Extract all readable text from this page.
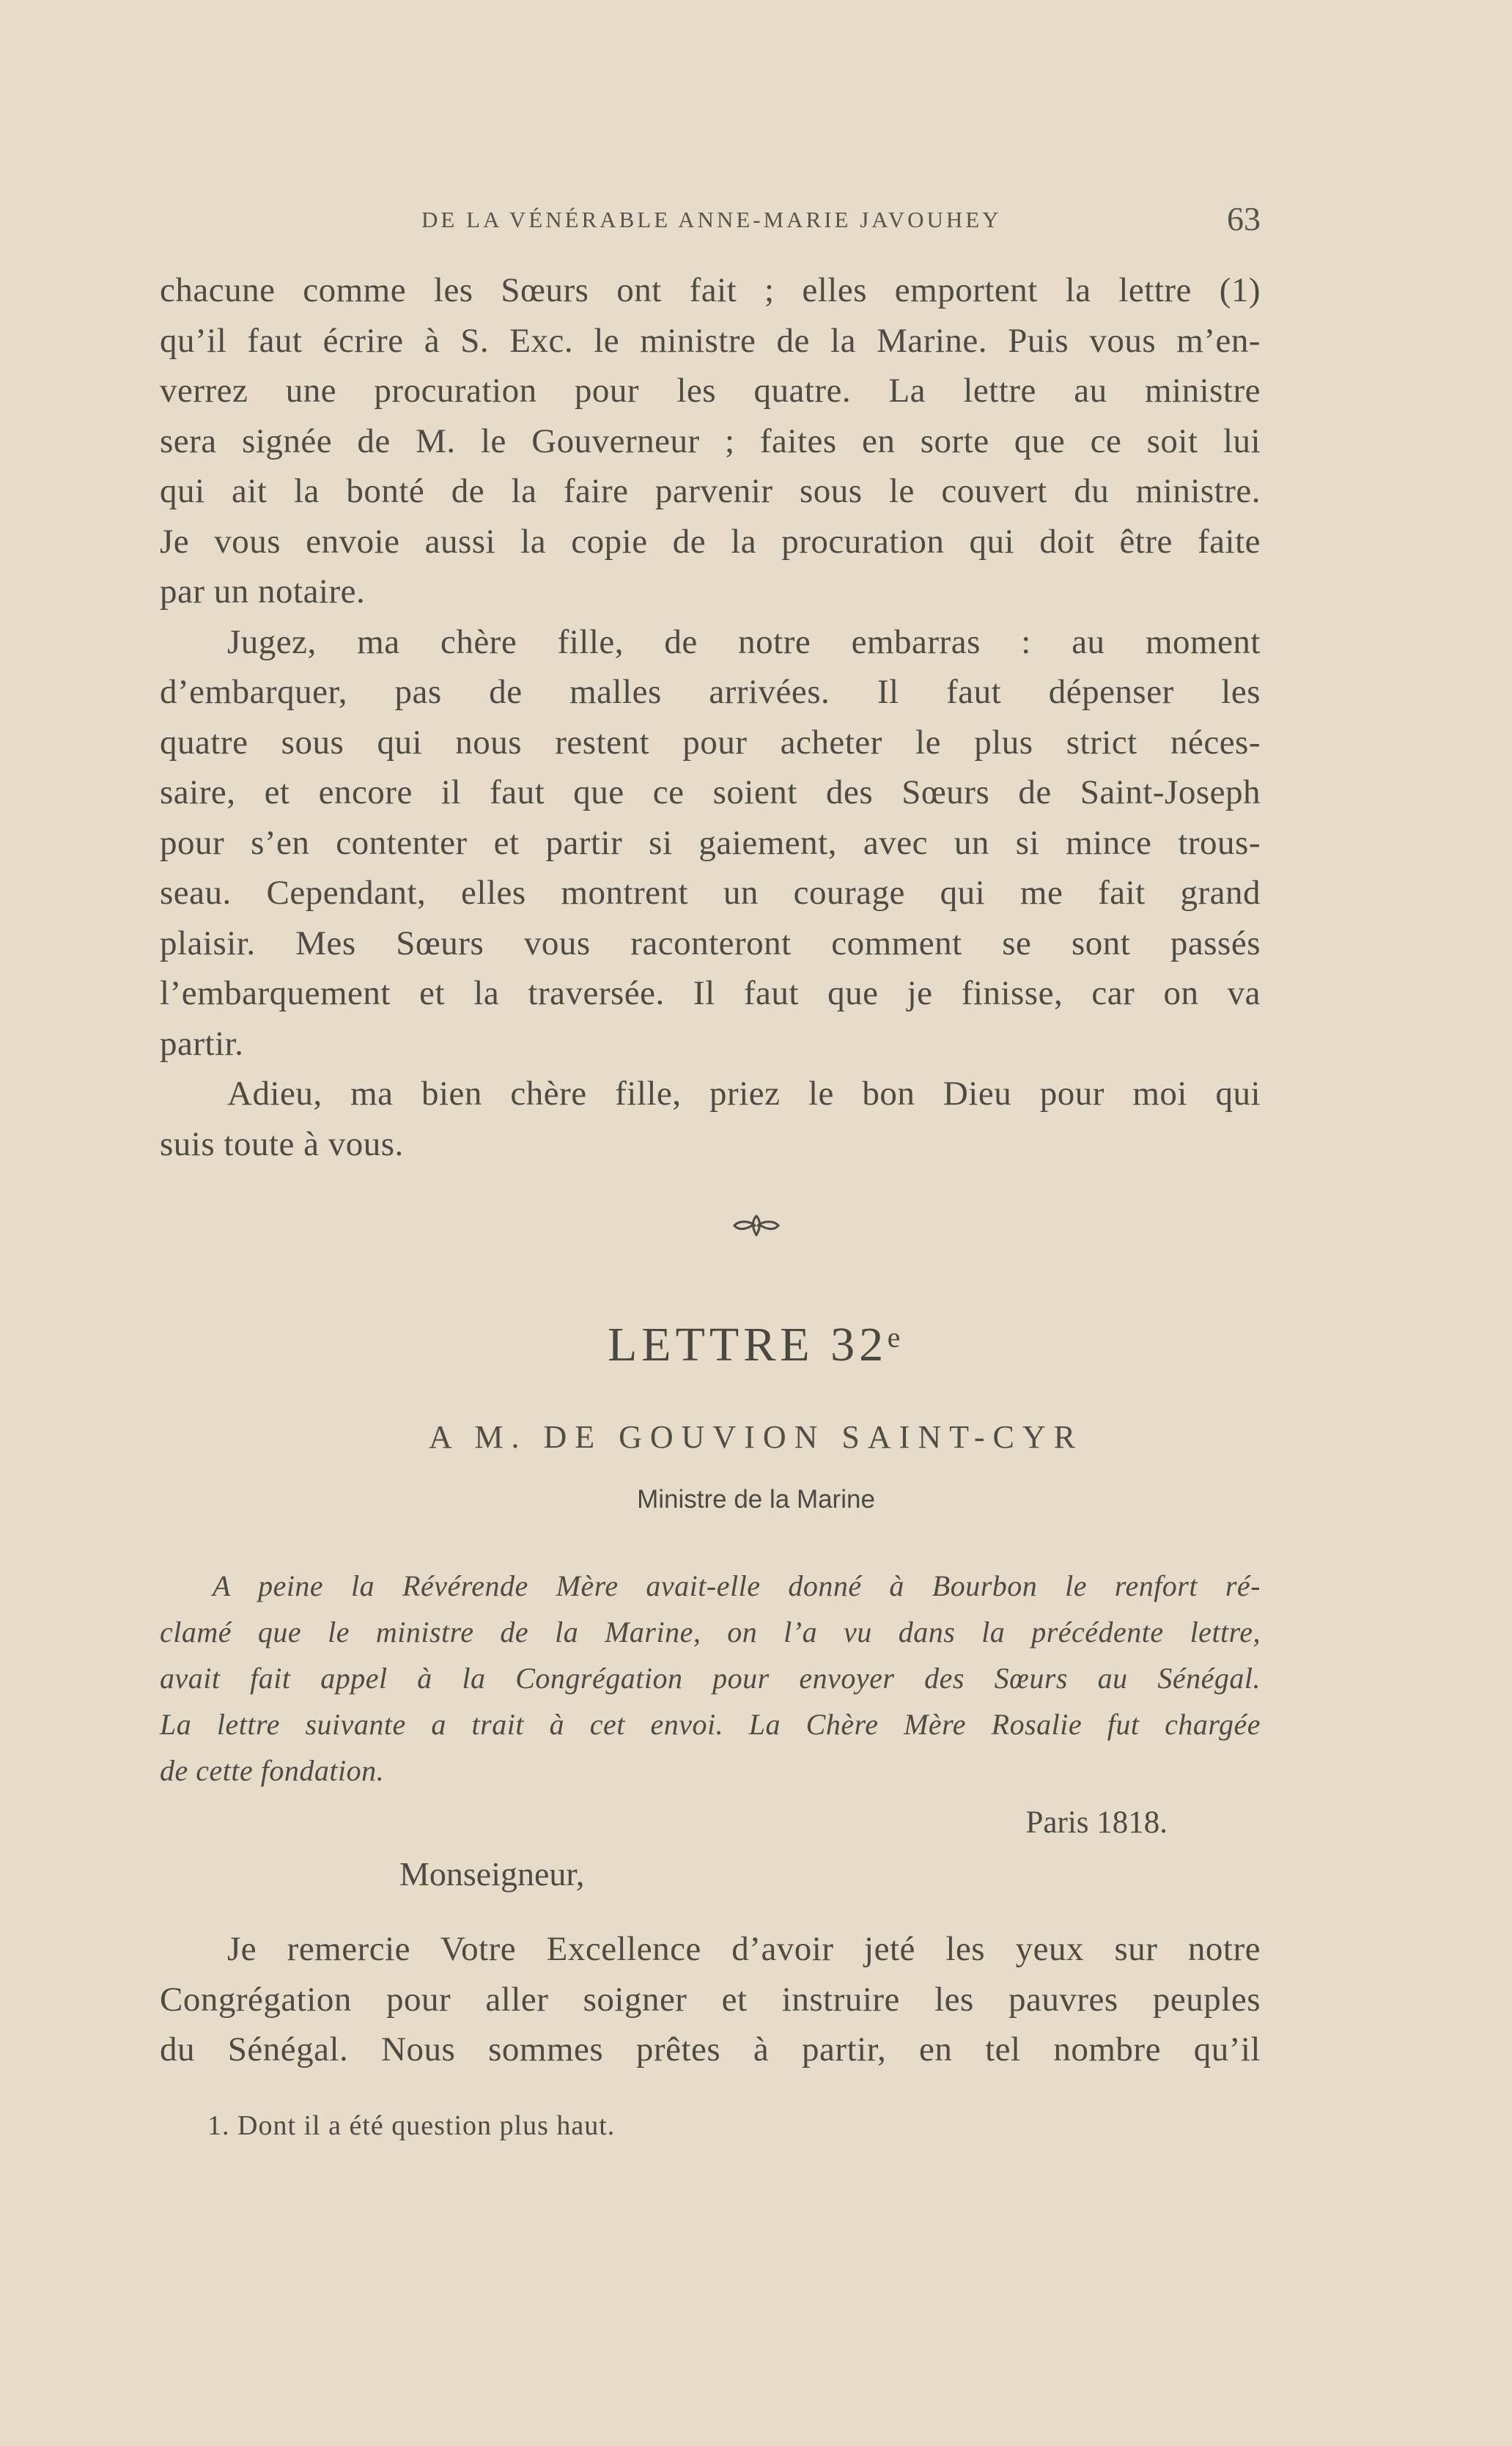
DE LA VÉNÉRABLE ANNE-MARIE JAVOUHEY	63
chacune comme les Sœurs ont fait ; elles emportent la lettre (1)
qu’il faut écrire à S. Exc. le ministre de la Marine. Puis vous m’en-
verrez une procuration pour les quatre. La lettre au ministre
sera signée de M. le Gouverneur ; faites en sorte que ce soit lui
qui ait la bonté de la faire parvenir sous le couvert du ministre.
Je vous envoie aussi la copie de la procuration qui doit être faite
par un notaire.
Jugez, ma chère fille, de notre embarras : au moment
d’embarquer, pas de malles arrivées. Il faut dépenser les
quatre sous qui nous restent pour acheter le plus strict néces-
saire, et encore il faut que ce soient des Sœurs de Saint-Joseph
pour s’en contenter et partir si gaiement, avec un si mince trous-
seau. Cependant, elles montrent un courage qui me fait grand
plaisir. Mes Sœurs vous raconteront comment se sont passés
l’embarquement et la traversée. Il faut que je finisse, car on va
partir.
Adieu, ma bien chère fille, priez le bon Dieu pour moi qui
suis toute à vous.
LETTRE 32ᵉ
A M. DE GOUVION SAINT-CYR
Ministre de la Marine
A peine la Révérende Mère avait-elle donné à Bourbon le renfort ré-
clamé que le ministre de la Marine, on l’a vu dans la précédente lettre,
avait fait appel à la Congrégation pour envoyer des Sœurs au Sénégal.
La lettre suivante a trait à cet envoi. La Chère Mère Rosalie fut chargée
de cette fondation.
Paris 1818.
Monseigneur,
Je remercie Votre Excellence d’avoir jeté les yeux sur notre
Congrégation pour aller soigner et instruire les pauvres peuples
du Sénégal. Nous sommes prêtes à partir, en tel nombre qu’il
1. Dont il a été question plus haut.
